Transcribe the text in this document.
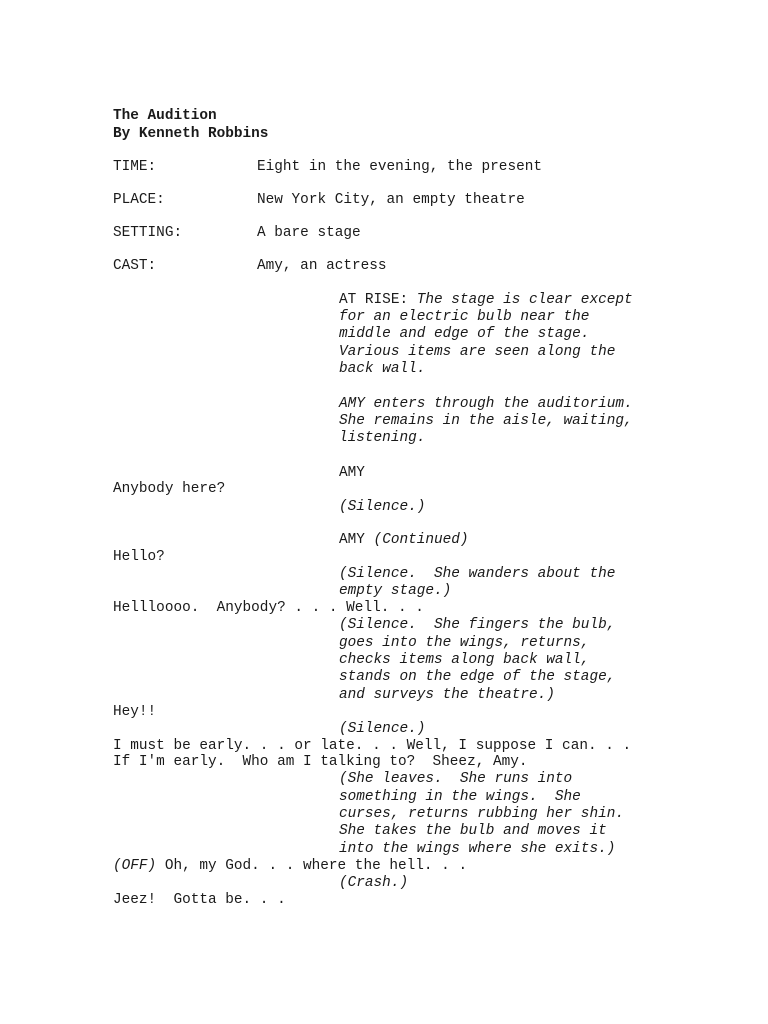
The Audition
By Kenneth Robbins
TIME:	Eight in the evening, the present
PLACE:	New York City, an empty theatre
SETTING:	A bare stage
CAST:	Amy, an actress
AT RISE: The stage is clear except
for an electric bulb near the
middle and edge of the stage.
Various items are seen along the
back wall.
AMY enters through the auditorium.
She remains in the aisle, waiting,
listening.
AMY
Anybody here?
(Silence.)
AMY (Continued)
Hello?
(Silence.  She wanders about the
empty stage.)
Hellloooo.  Anybody? . . . Well. . .
(Silence.  She fingers the bulb,
goes into the wings, returns,
checks items along back wall,
stands on the edge of the stage,
and surveys the theatre.)
Hey!!
(Silence.)
I must be early. . . or late. . . Well, I suppose I can. . .
If I'm early.  Who am I talking to?  Sheez, Amy.
(She leaves.  She runs into
something in the wings.  She
curses, returns rubbing her shin.
She takes the bulb and moves it
into the wings where she exits.)
(OFF) Oh, my God. . . where the hell. . .
(Crash.)
Jeez!  Gotta be. . .
